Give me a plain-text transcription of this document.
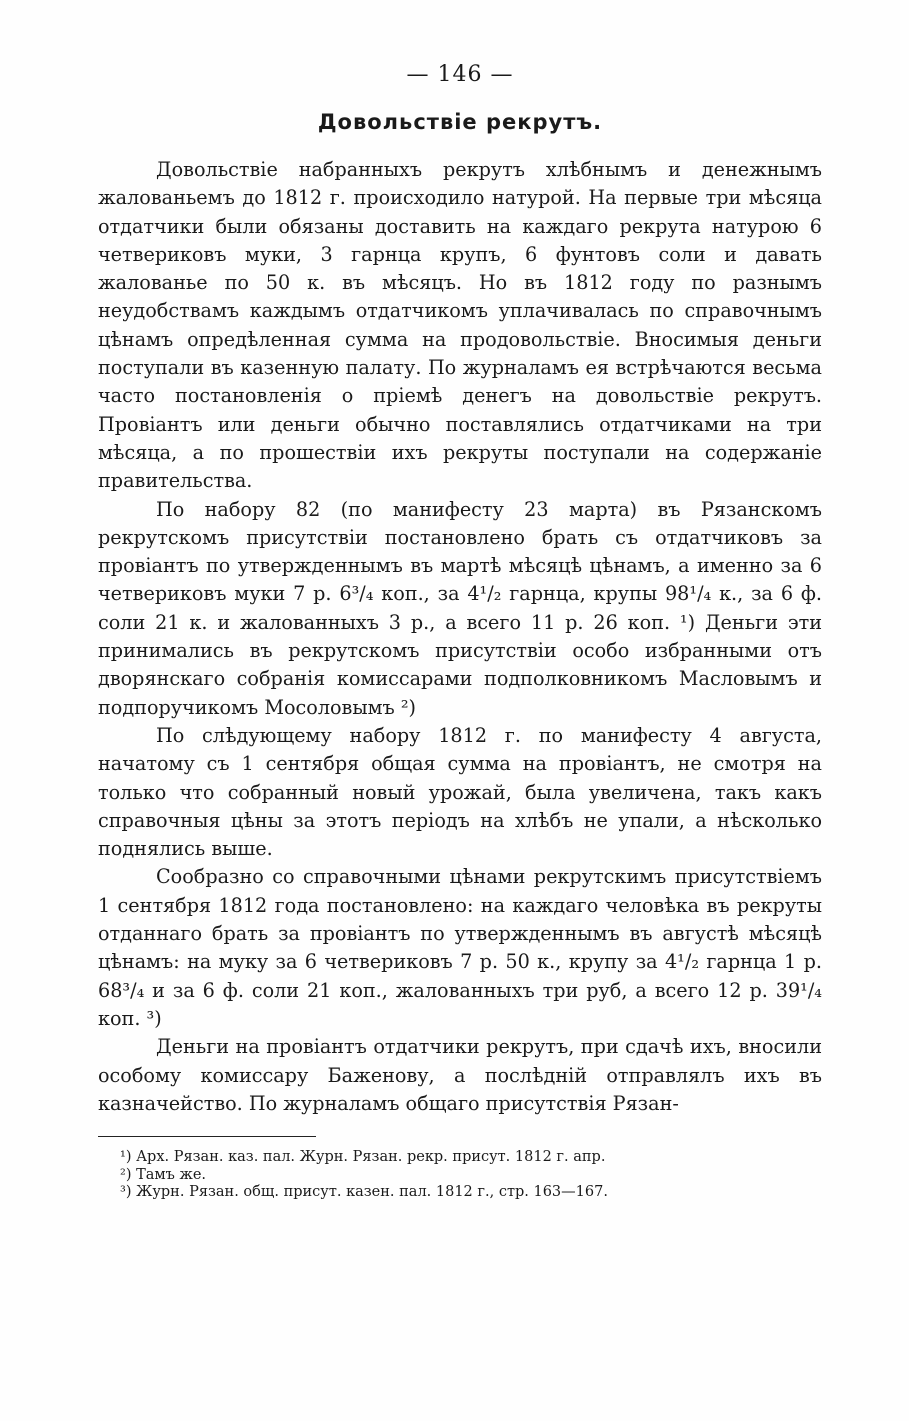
— 146 —
Довольствіе рекрутъ.

Довольствіе набранныхъ рекрутъ хлѣбнымъ и денежнымъ жалованьемъ до 1812 г. происходило натурой. На первые три мѣсяца отдатчики были обязаны доставить на каждаго рекрута натурою 6 четвериковъ муки, 3 гарнца крупъ, 6 фунтовъ соли и давать жалованье по 50 к. въ мѣсяцъ. Но въ 1812 году по разнымъ неудобствамъ каждымъ отдатчикомъ уплачивалась по справочнымъ цѣнамъ опредѣленная сумма на продовольствіе. Вносимыя деньги поступали въ казенную палату. По журналамъ ея встрѣчаются весьма часто постановленія о пріемѣ денегъ на довольствіе рекрутъ. Провіантъ или деньги обычно поставлялись отдатчиками на три мѣсяца, а по прошествіи ихъ рекруты поступали на содержаніе правительства.

По набору 82 (по манифесту 23 марта) въ Рязанскомъ рекрутскомъ присутствіи постановлено брать съ отдатчиковъ за провіантъ по утвержденнымъ въ мартѣ мѣсяцѣ цѣнамъ, а именно за 6 четвериковъ муки 7 р. 6³/₄ коп., за 4¹/₂ гарнца, крупы 98¹/₄ к., за 6 ф. соли 21 к. и жалованныхъ 3 р., а всего 11 р. 26 коп. ¹) Деньги эти принимались въ рекрутскомъ присутствіи особо избранными отъ дворянскаго собранія комиссарами подполковникомъ Масловымъ и подпоручикомъ Мосоловымъ ²)

По слѣдующему набору 1812 г. по манифесту 4 августа, начатому съ 1 сентября общая сумма на провіантъ, не смотря на только что собранный новый урожай, была увеличена, такъ какъ справочныя цѣны за этотъ періодъ на хлѣбъ не упали, а нѣсколько поднялись выше.

Сообразно со справочными цѣнами рекрутскимъ присутствіемъ 1 сентября 1812 года постановлено: на каждаго человѣка въ рекруты отданнаго брать за провіантъ по утвержденнымъ въ августѣ мѣсяцѣ цѣнамъ: на муку за 6 четвериковъ 7 р. 50 к., крупу за 4¹/₂ гарнца 1 р. 68³/₄ и за 6 ф. соли 21 коп., жалованныхъ три руб, а всего 12 р. 39¹/₄ коп. ³)

Деньги на провіантъ отдатчики рекрутъ, при сдачѣ ихъ, вносили особому комиссару Баженову, а послѣдній отправлялъ ихъ въ казначейство. По журналамъ общаго присутствія Рязан-

¹) Арх. Рязан. каз. пал. Журн. Рязан. рекр. присут. 1812 г. апр.

²) Тамъ же.

³) Журн. Рязан. общ. присут. казен. пал. 1812 г., стр. 163—167.
